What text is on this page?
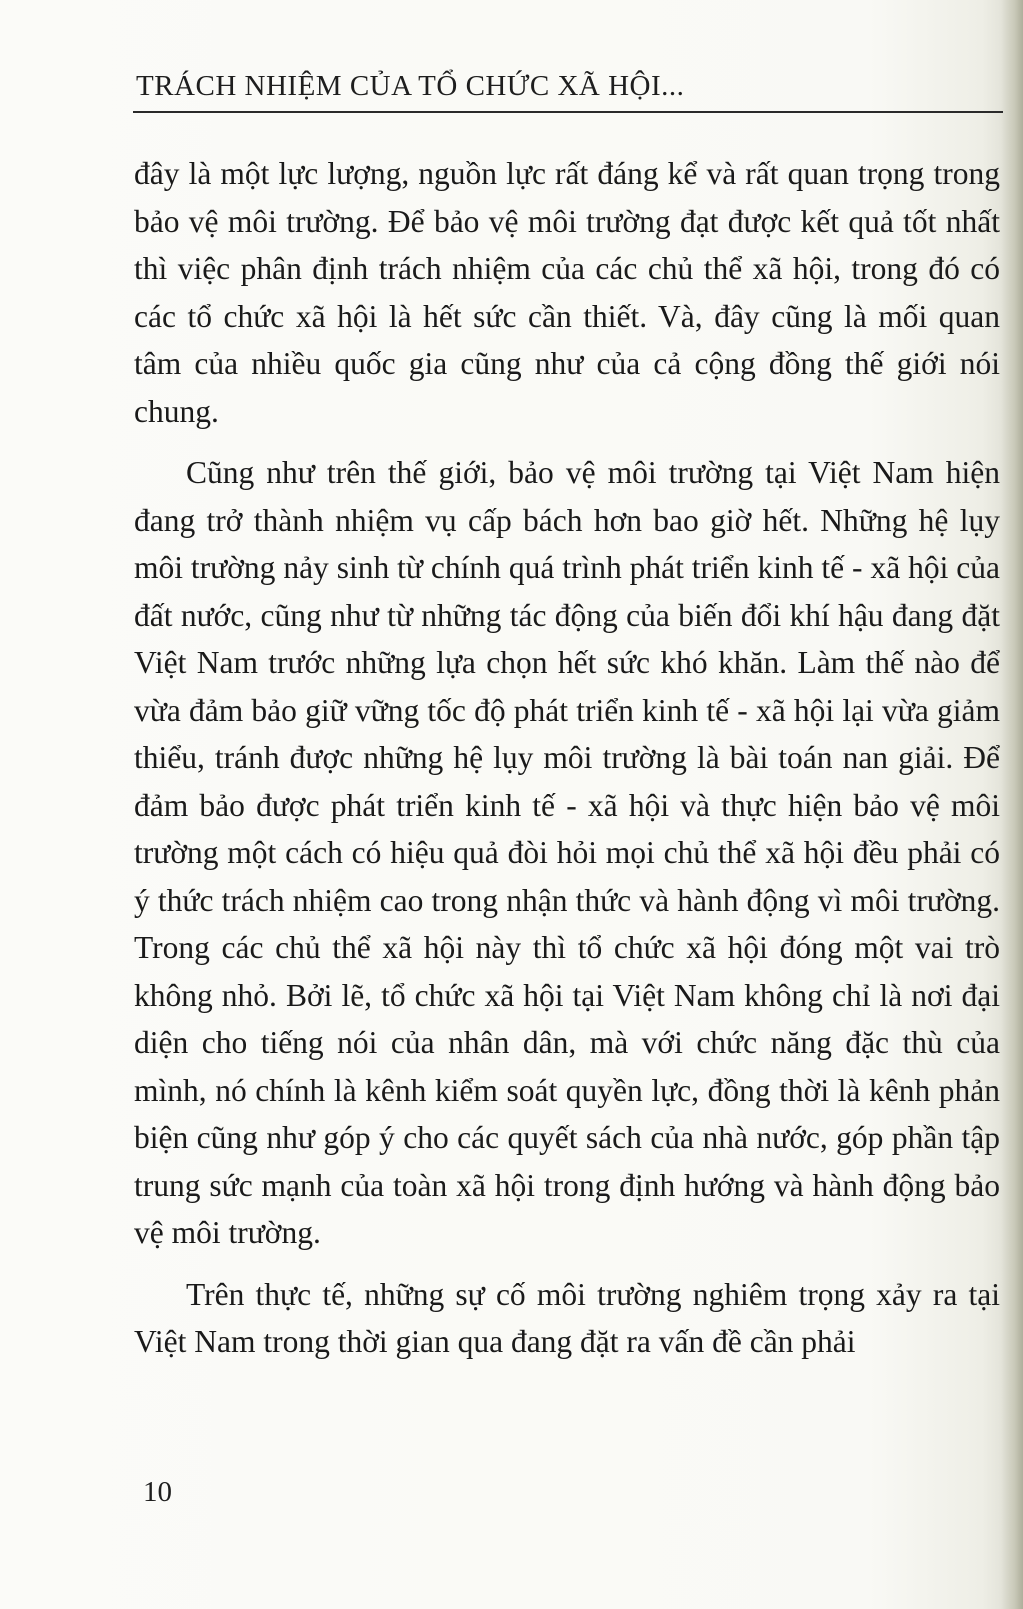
TRÁCH NHIỆM CỦA TỔ CHỨC XÃ HỘI...

đây là một lực lượng, nguồn lực rất đáng kể và rất quan trọng trong bảo vệ môi trường. Để bảo vệ môi trường đạt được kết quả tốt nhất thì việc phân định trách nhiệm của các chủ thể xã hội, trong đó có các tổ chức xã hội là hết sức cần thiết. Và, đây cũng là mối quan tâm của nhiều quốc gia cũng như của cả cộng đồng thế giới nói chung.

Cũng như trên thế giới, bảo vệ môi trường tại Việt Nam hiện đang trở thành nhiệm vụ cấp bách hơn bao giờ hết. Những hệ lụy môi trường nảy sinh từ chính quá trình phát triển kinh tế - xã hội của đất nước, cũng như từ những tác động của biến đổi khí hậu đang đặt Việt Nam trước những lựa chọn hết sức khó khăn. Làm thế nào để vừa đảm bảo giữ vững tốc độ phát triển kinh tế - xã hội lại vừa giảm thiểu, tránh được những hệ lụy môi trường là bài toán nan giải. Để đảm bảo được phát triển kinh tế - xã hội và thực hiện bảo vệ môi trường một cách có hiệu quả đòi hỏi mọi chủ thể xã hội đều phải có ý thức trách nhiệm cao trong nhận thức và hành động vì môi trường. Trong các chủ thể xã hội này thì tổ chức xã hội đóng một vai trò không nhỏ. Bởi lẽ, tổ chức xã hội tại Việt Nam không chỉ là nơi đại diện cho tiếng nói của nhân dân, mà với chức năng đặc thù của mình, nó chính là kênh kiểm soát quyền lực, đồng thời là kênh phản biện cũng như góp ý cho các quyết sách của nhà nước, góp phần tập trung sức mạnh của toàn xã hội trong định hướng và hành động bảo vệ môi trường.

Trên thực tế, những sự cố môi trường nghiêm trọng xảy ra tại Việt Nam trong thời gian qua đang đặt ra vấn đề cần phải

10
